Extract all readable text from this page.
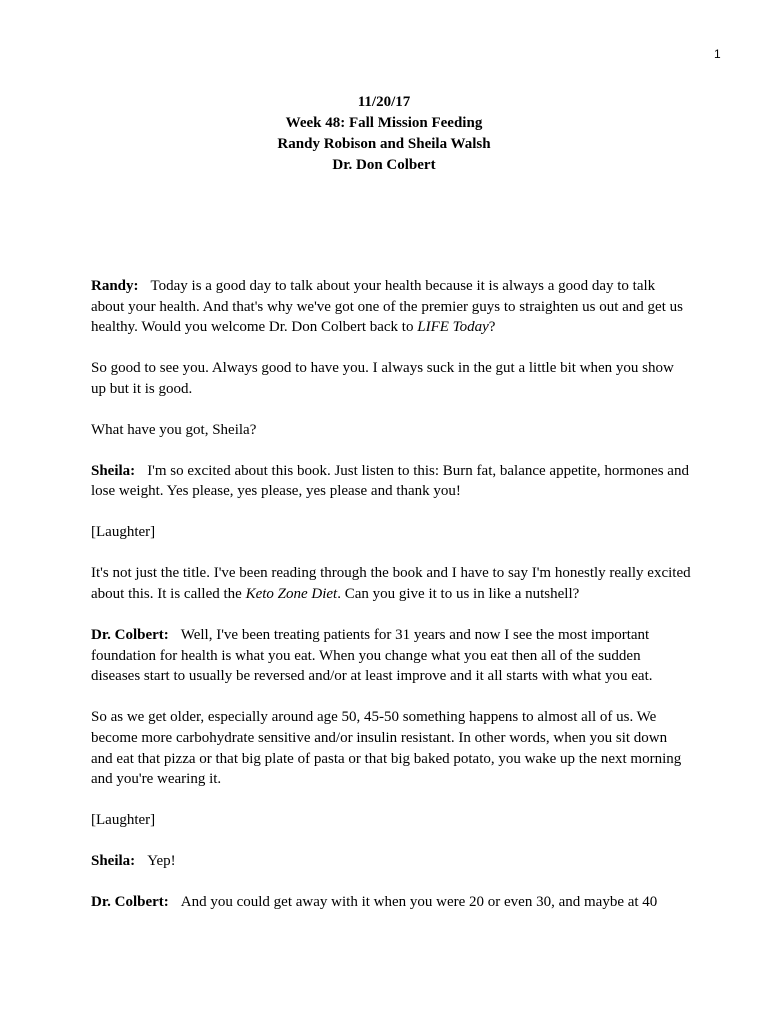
1
11/20/17
Week 48: Fall Mission Feeding
Randy Robison and Sheila Walsh
Dr. Don Colbert

Randy: Today is a good day to talk about your health because it is always a good day to talk about your health. And that's why we've got one of the premier guys to straighten us out and get us healthy. Would you welcome Dr. Don Colbert back to LIFE Today?

So good to see you. Always good to have you. I always suck in the gut a little bit when you show up but it is good.

What have you got, Sheila?

Sheila: I'm so excited about this book. Just listen to this: Burn fat, balance appetite, hormones and lose weight. Yes please, yes please, yes please and thank you!

[Laughter]

It's not just the title. I've been reading through the book and I have to say I'm honestly really excited about this. It is called the Keto Zone Diet. Can you give it to us in like a nutshell?

Dr. Colbert: Well, I've been treating patients for 31 years and now I see the most important foundation for health is what you eat. When you change what you eat then all of the sudden diseases start to usually be reversed and/or at least improve and it all starts with what you eat.

So as we get older, especially around age 50, 45-50 something happens to almost all of us. We become more carbohydrate sensitive and/or insulin resistant. In other words, when you sit down and eat that pizza or that big plate of pasta or that big baked potato, you wake up the next morning and you're wearing it.

[Laughter]

Sheila: Yep!

Dr. Colbert: And you could get away with it when you were 20 or even 30, and maybe at 40
